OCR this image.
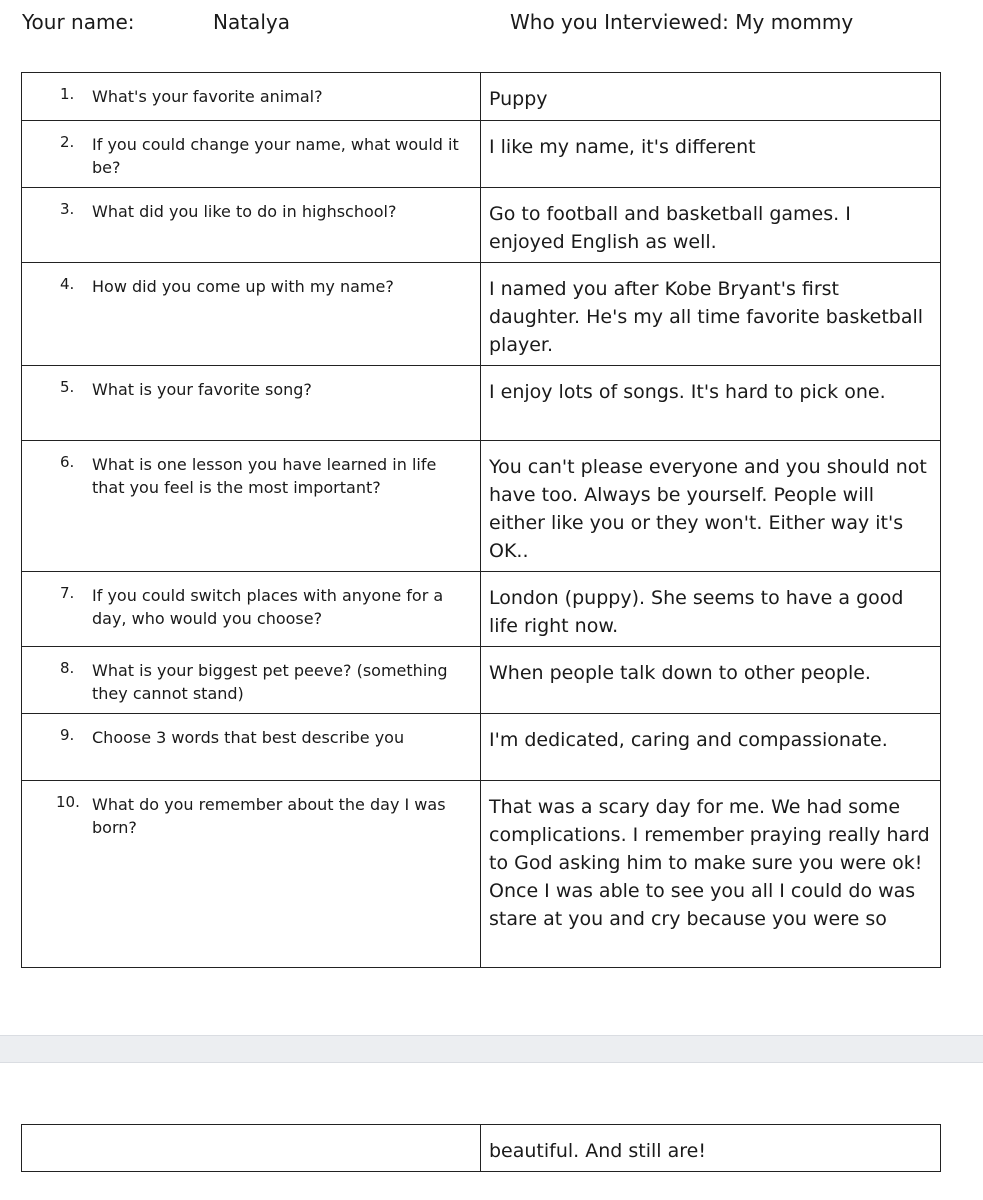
Your name:	Natalya	Who you Interviewed: My mommy
1. What's your favorite animal?	Puppy

2. If you could change your name, what would it be?	I like my name, it's different

3. What did you like to do in highschool?	Go to football and basketball games. I enjoyed English as well.

4. How did you come up with my name?	I named you after Kobe Bryant's first daughter. He's my all time favorite basketball player.

5. What is your favorite song?	I enjoy lots of songs. It's hard to pick one.

6. What is one lesson you have learned in life that you feel is the most important?	You can't please everyone and you should not have too. Always be yourself. People will either like you or they won't. Either way it's OK..

7. If you could switch places with anyone for a day, who would you choose?	London (puppy). She seems to have a good life right now.

8. What is your biggest pet peeve? (something they cannot stand)	When people talk down to other people.

9. Choose 3 words that best describe you	I'm dedicated, caring and compassionate.

10. What do you remember about the day I was born?	That was a scary day for me. We had some complications. I remember praying really hard to God asking him to make sure you were ok! Once I was able to see you all I could do was stare at you and cry because you were so

beautiful. And still are!
